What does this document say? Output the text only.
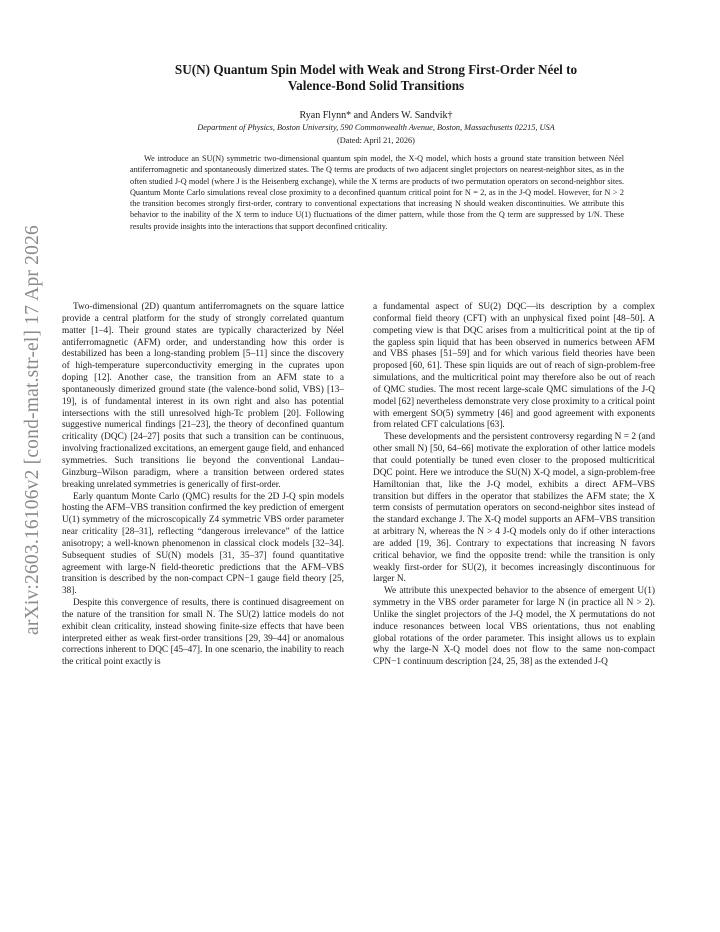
arXiv:2603.16106v2 [cond-mat.str-el] 17 Apr 2026
SU(N) Quantum Spin Model with Weak and Strong First-Order Néel to
Valence-Bond Solid Transitions
Ryan Flynn* and Anders W. Sandvik†
Department of Physics, Boston University, 590 Commonwealth Avenue, Boston, Massachusetts 02215, USA
(Dated: April 21, 2026)
We introduce an SU(N) symmetric two-dimensional quantum spin model, the X-Q model, which hosts a ground state transition between Néel antiferromagnetic and spontaneously dimerized states. The Q terms are products of two adjacent singlet projectors on nearest-neighbor sites, as in the often studied J-Q model (where J is the Heisenberg exchange), while the X terms are products of two permutation operators on second-neighbor sites. Quantum Monte Carlo simulations reveal close proximity to a deconfined quantum critical point for N = 2, as in the J-Q model. However, for N > 2 the transition becomes strongly first-order, contrary to conventional expectations that increasing N should weaken discontinuities. We attribute this behavior to the inability of the X term to induce U(1) fluctuations of the dimer pattern, while those from the Q term are suppressed by 1/N. These results provide insights into the interactions that support deconfined criticality.

Two-dimensional (2D) quantum antiferromagnets on the square lattice provide a central platform for the study of strongly correlated quantum matter [1–4]. Their ground states are typically characterized by Néel antiferromagnetic (AFM) order, and understanding how this order is destabilized has been a long-standing problem [5–11] since the discovery of high-temperature superconductivity emerging in the cuprates upon doping [12]. Another case, the transition from an AFM state to a spontaneously dimerized ground state (the valence-bond solid, VBS) [13–19], is of fundamental interest in its own right and also has potential intersections with the still unresolved high-Tc problem [20]. Following suggestive numerical findings [21–23], the theory of deconfined quantum criticality (DQC) [24–27] posits that such a transition can be continuous, involving fractionalized excitations, an emergent gauge field, and enhanced symmetries. Such transitions lie beyond the conventional Landau–Ginzburg–Wilson paradigm, where a transition between ordered states breaking unrelated symmetries is generically of first-order.

Early quantum Monte Carlo (QMC) results for the 2D J-Q spin models hosting the AFM–VBS transition confirmed the key prediction of emergent U(1) symmetry of the microscopically Z4 symmetric VBS order parameter near criticality [28–31], reflecting “dangerous irrelevance” of the lattice anisotropy; a well-known phenomenon in classical clock models [32–34]. Subsequent studies of SU(N) models [31, 35–37] found quantitative agreement with large-N field-theoretic predictions that the AFM–VBS transition is described by the non-compact CPN−1 gauge field theory [25, 38].

Despite this convergence of results, there is continued disagreement on the nature of the transition for small N. The SU(2) lattice models do not exhibit clean criticality, instead showing finite-size effects that have been interpreted either as weak first-order transitions [29, 39–44] or anomalous corrections inherent to DQC [45–47]. In one scenario, the inability to reach the critical point exactly is

a fundamental aspect of SU(2) DQC—its description by a complex conformal field theory (CFT) with an unphysical fixed point [48–50]. A competing view is that DQC arises from a multicritical point at the tip of the gapless spin liquid that has been observed in numerics between AFM and VBS phases [51–59] and for which various field theories have been proposed [60, 61]. These spin liquids are out of reach of sign-problem-free simulations, and the multicritical point may therefore also be out of reach of QMC studies. The most recent large-scale QMC simulations of the J-Q model [62] nevertheless demonstrate very close proximity to a critical point with emergent SO(5) symmetry [46] and good agreement with exponents from related CFT calculations [63].

These developments and the persistent controversy regarding N = 2 (and other small N) [50, 64–66] motivate the exploration of other lattice models that could potentially be tuned even closer to the proposed multicritical DQC point. Here we introduce the SU(N) X-Q model, a sign-problem-free Hamiltonian that, like the J-Q model, exhibits a direct AFM–VBS transition but differs in the operator that stabilizes the AFM state; the X term consists of permutation operators on second-neighbor sites instead of the standard exchange J. The X-Q model supports an AFM–VBS transition at arbitrary N, whereas the N > 4 J-Q models only do if other interactions are added [19, 36]. Contrary to expectations that increasing N favors critical behavior, we find the opposite trend: while the transition is only weakly first-order for SU(2), it becomes increasingly discontinuous for larger N.

We attribute this unexpected behavior to the absence of emergent U(1) symmetry in the VBS order parameter for large N (in practice all N > 2). Unlike the singlet projectors of the J-Q model, the X permutations do not induce resonances between local VBS orientations, thus not enabling global rotations of the order parameter. This insight allows us to explain why the large-N X-Q model does not flow to the same non-compact CPN−1 continuum description [24, 25, 38] as the extended J-Q
